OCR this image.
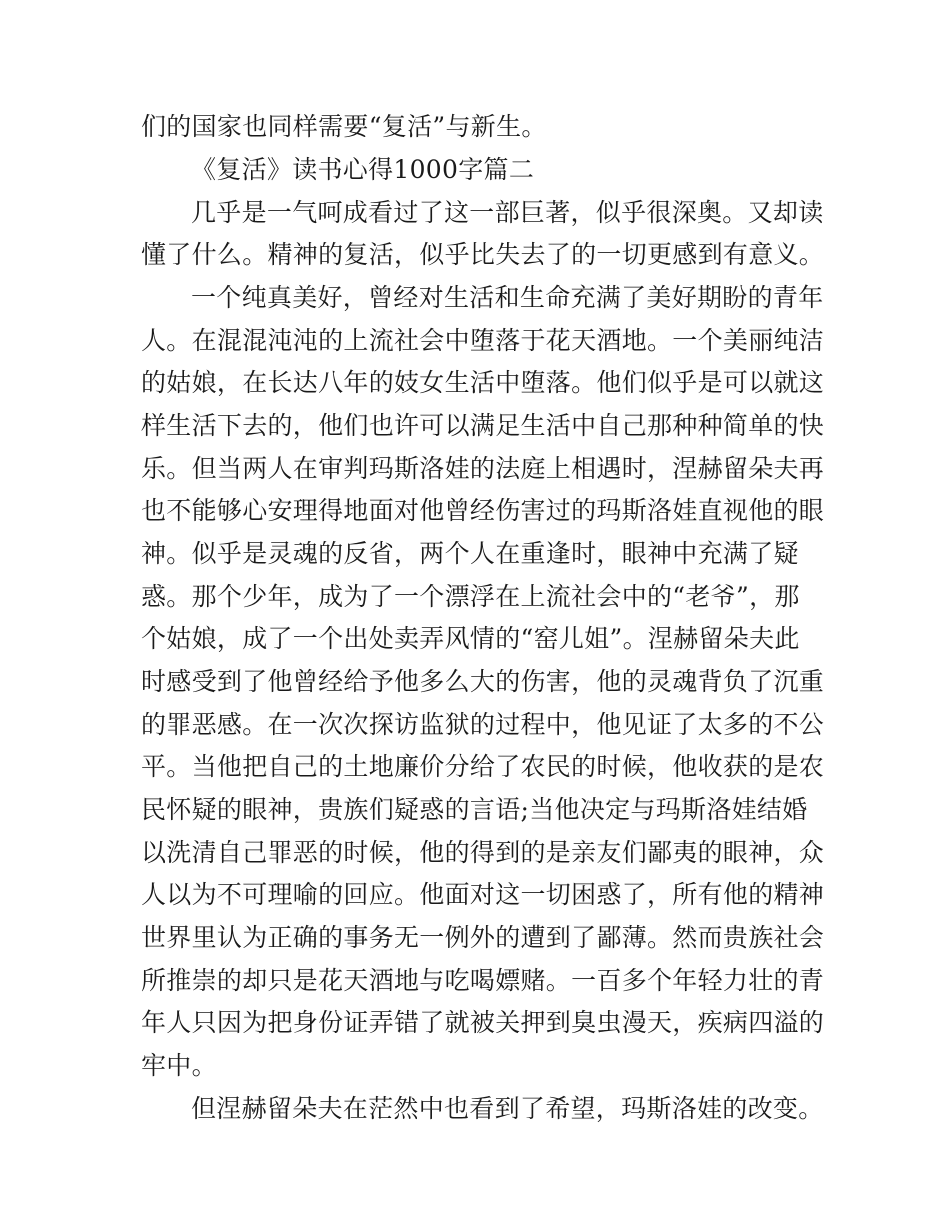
们的国家也同样需要“复活”与新生。
《复活》读书心得1000字篇二
几乎是一气呵成看过了这一部巨著，似乎很深奥。又却读
懂了什么。精神的复活，似乎比失去了的一切更感到有意义。
一个纯真美好，曾经对生活和生命充满了美好期盼的青年
人。在混混沌沌的上流社会中堕落于花天酒地。一个美丽纯洁
的姑娘，在长达八年的妓女生活中堕落。他们似乎是可以就这
样生活下去的，他们也许可以满足生活中自己那种种简单的快
乐。但当两人在审判玛斯洛娃的法庭上相遇时，涅赫留朵夫再
也不能够心安理得地面对他曾经伤害过的玛斯洛娃直视他的眼
神。似乎是灵魂的反省，两个人在重逢时，眼神中充满了疑
惑。那个少年，成为了一个漂浮在上流社会中的“老爷”，那
个姑娘，成了一个出处卖弄风情的“窑儿姐”。涅赫留朵夫此
时感受到了他曾经给予他多么大的伤害，他的灵魂背负了沉重
的罪恶感。在一次次探访监狱的过程中，他见证了太多的不公
平。当他把自己的土地廉价分给了农民的时候，他收获的是农
民怀疑的眼神，贵族们疑惑的言语;当他决定与玛斯洛娃结婚
以洗清自己罪恶的时候，他的得到的是亲友们鄙夷的眼神，众
人以为不可理喻的回应。他面对这一切困惑了，所有他的精神
世界里认为正确的事务无一例外的遭到了鄙薄。然而贵族社会
所推崇的却只是花天酒地与吃喝嫖赌。一百多个年轻力壮的青
年人只因为把身份证弄错了就被关押到臭虫漫天，疾病四溢的
牢中。
但涅赫留朵夫在茫然中也看到了希望，玛斯洛娃的改变。
